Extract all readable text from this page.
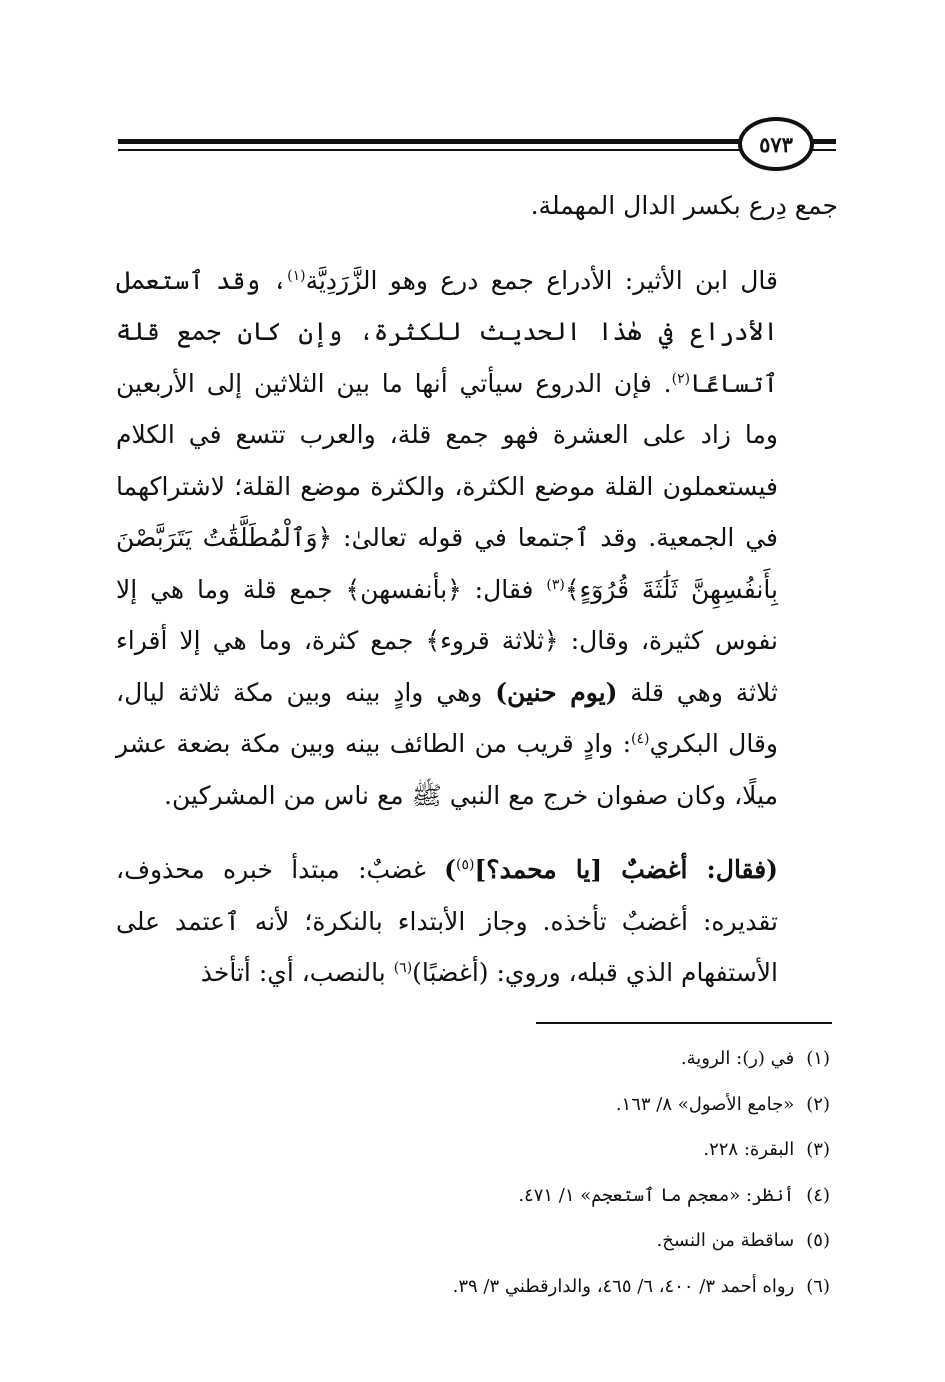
٥٧٣

جمع دِرع بكسر الدال المهملة.

قال ابن الأثير: الأدراع جمع درع وهو الزَّرَدِيَّة$^{(١)}$، وقد ٱستعمل الأدراع في هٰذا الحديث للكثرة، وإن كان جمع قلة ٱتساعًا$^{(٢)}$. فإن الدروع سيأتي أنها ما بين الثلاثين إلى الأربعين وما زاد على العشرة فهو جمع قلة، والعرب تتسع في الكلام فيستعملون القلة موضع الكثرة، والكثرة موضع القلة؛ لاشتراكهما في الجمعية. وقد ٱجتمعا في قوله تعالىٰ: ﴿وَٱلْمُطَلَّقَٰتُ يَتَرَبَّصْنَ بِأَنفُسِهِنَّ ثَلَٰثَةَ قُرُوٓءٍ﴾$^{(٣)}$ فقال: ﴿بأنفسهن﴾ جمع قلة وما هي إلا نفوس كثيرة، وقال: ﴿ثلاثة قروء﴾ جمع كثرة، وما هي إلا أقراء ثلاثة وهي قلة (يوم حنين) وهي وادٍ بينه وبين مكة ثلاثة ليال، وقال البكري$^{(٤)}$: وادٍ قريب من الطائف بينه وبين مكة بضعة عشر ميلًا، وكان صفوان خرج مع النبي ﷺ مع ناس من المشركين.

(فقال: أغضبٌ [يا محمد؟]$^{(٥)}$) غضبٌ: مبتدأ خبره محذوف، تقديره: أغضبٌ تأخذه. وجاز الأبتداء بالنكرة؛ لأنه ٱعتمد على الأستفهام الذي قبله، وروي: (أغضبًا)$^{(٦)}$ بالنصب، أي: أتأخذ

(١)في (ر): الروية.
(٢)«جامع الأصول» ٨/ ١٦٣.
(٣)البقرة: ٢٢٨.
(٤)أنظر: «معجم ما ٱستعجم» ١/ ٤٧١.
(٥)ساقطة من النسخ.
(٦)رواه أحمد ٣/ ٤٠٠، ٦/ ٤٦٥، والدارقطني ٣/ ٣٩.
